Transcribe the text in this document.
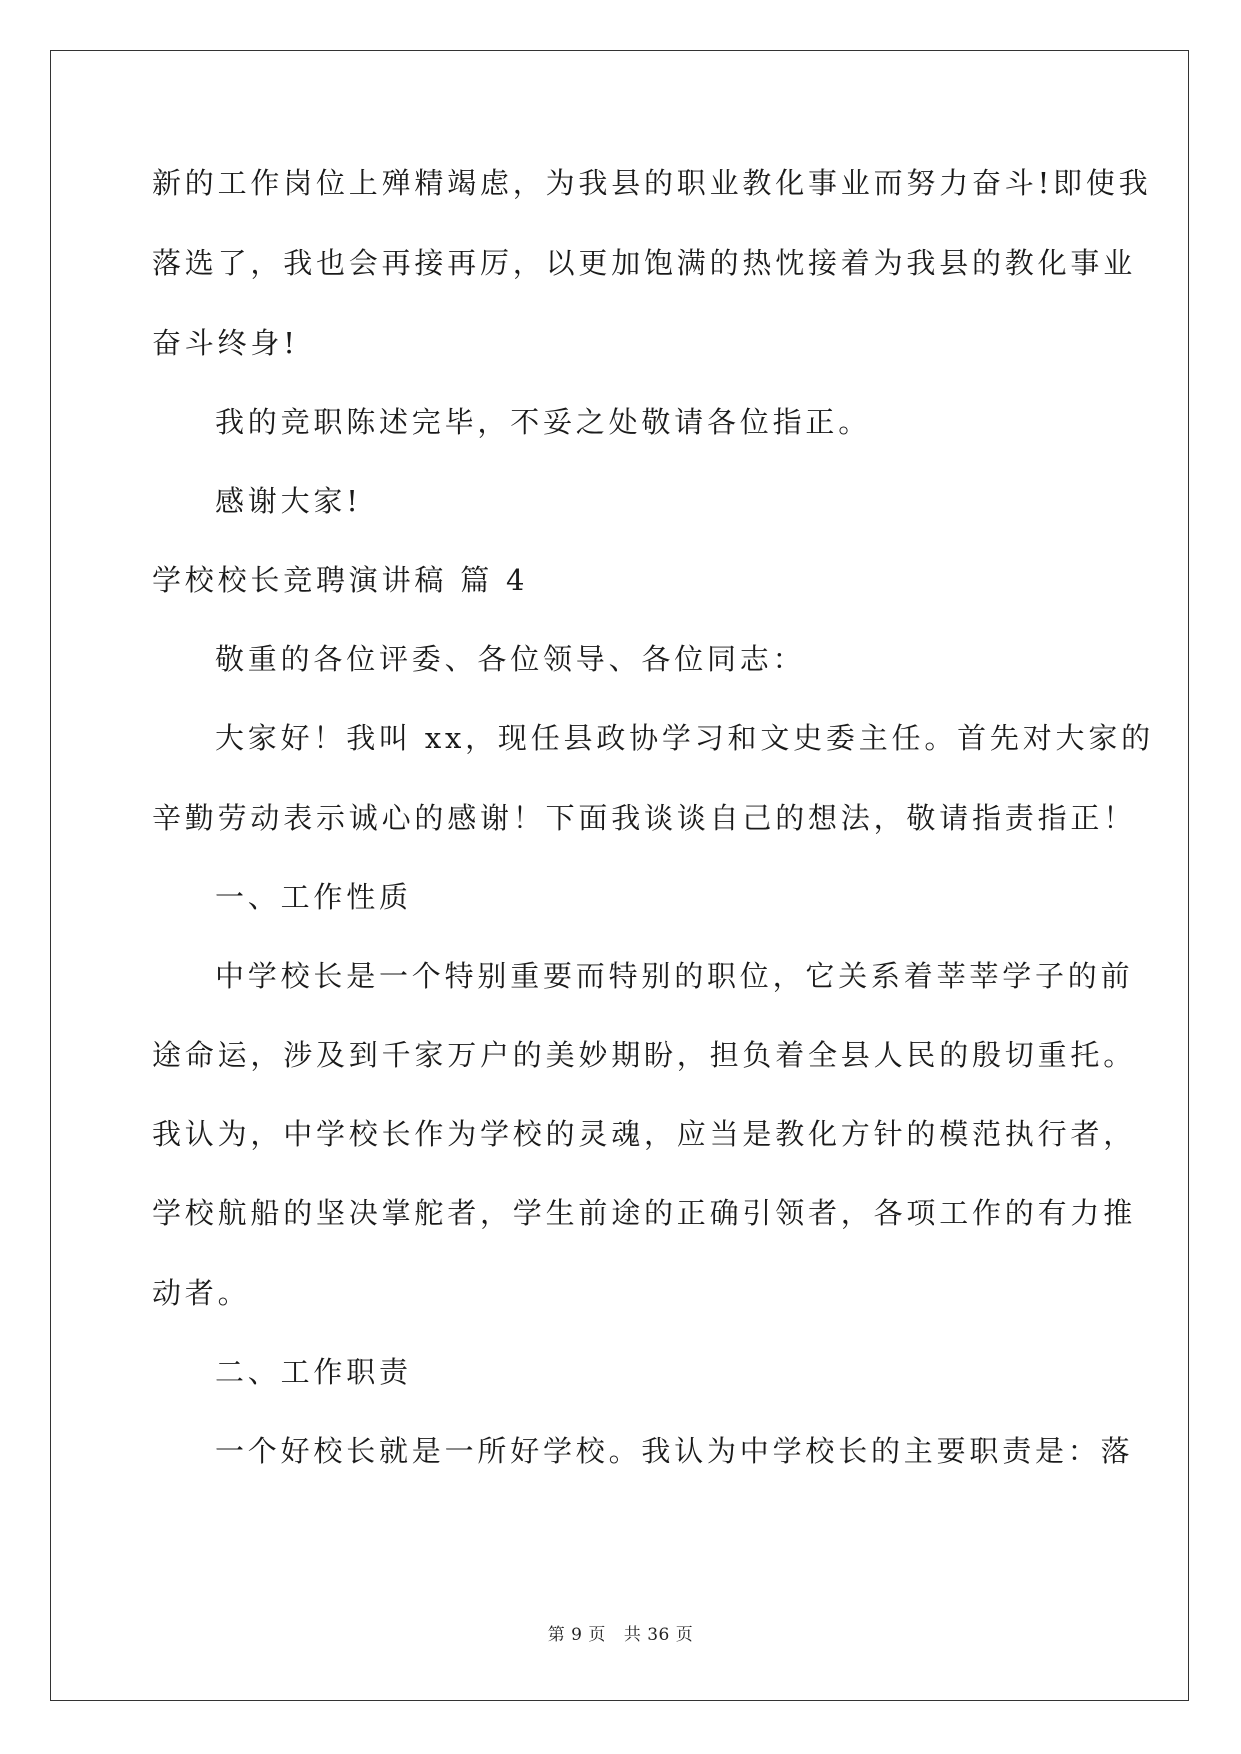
新的工作岗位上殚精竭虑，为我县的职业教化事业而努力奋斗!即使我
落选了，我也会再接再厉，以更加饱满的热忱接着为我县的教化事业
奋斗终身!
我的竞职陈述完毕，不妥之处敬请各位指正。
感谢大家!
学校校长竞聘演讲稿 篇 4
敬重的各位评委、各位领导、各位同志：
大家好！我叫 xx，现任县政协学习和文史委主任。首先对大家的
辛勤劳动表示诚心的感谢！下面我谈谈自己的想法，敬请指责指正！
一、工作性质
中学校长是一个特别重要而特别的职位，它关系着莘莘学子的前
途命运，涉及到千家万户的美妙期盼，担负着全县人民的殷切重托。
我认为，中学校长作为学校的灵魂，应当是教化方针的模范执行者，
学校航船的坚决掌舵者，学生前途的正确引领者，各项工作的有力推
动者。
二、工作职责
一个好校长就是一所好学校。我认为中学校长的主要职责是：落
第 9 页 共 36 页
